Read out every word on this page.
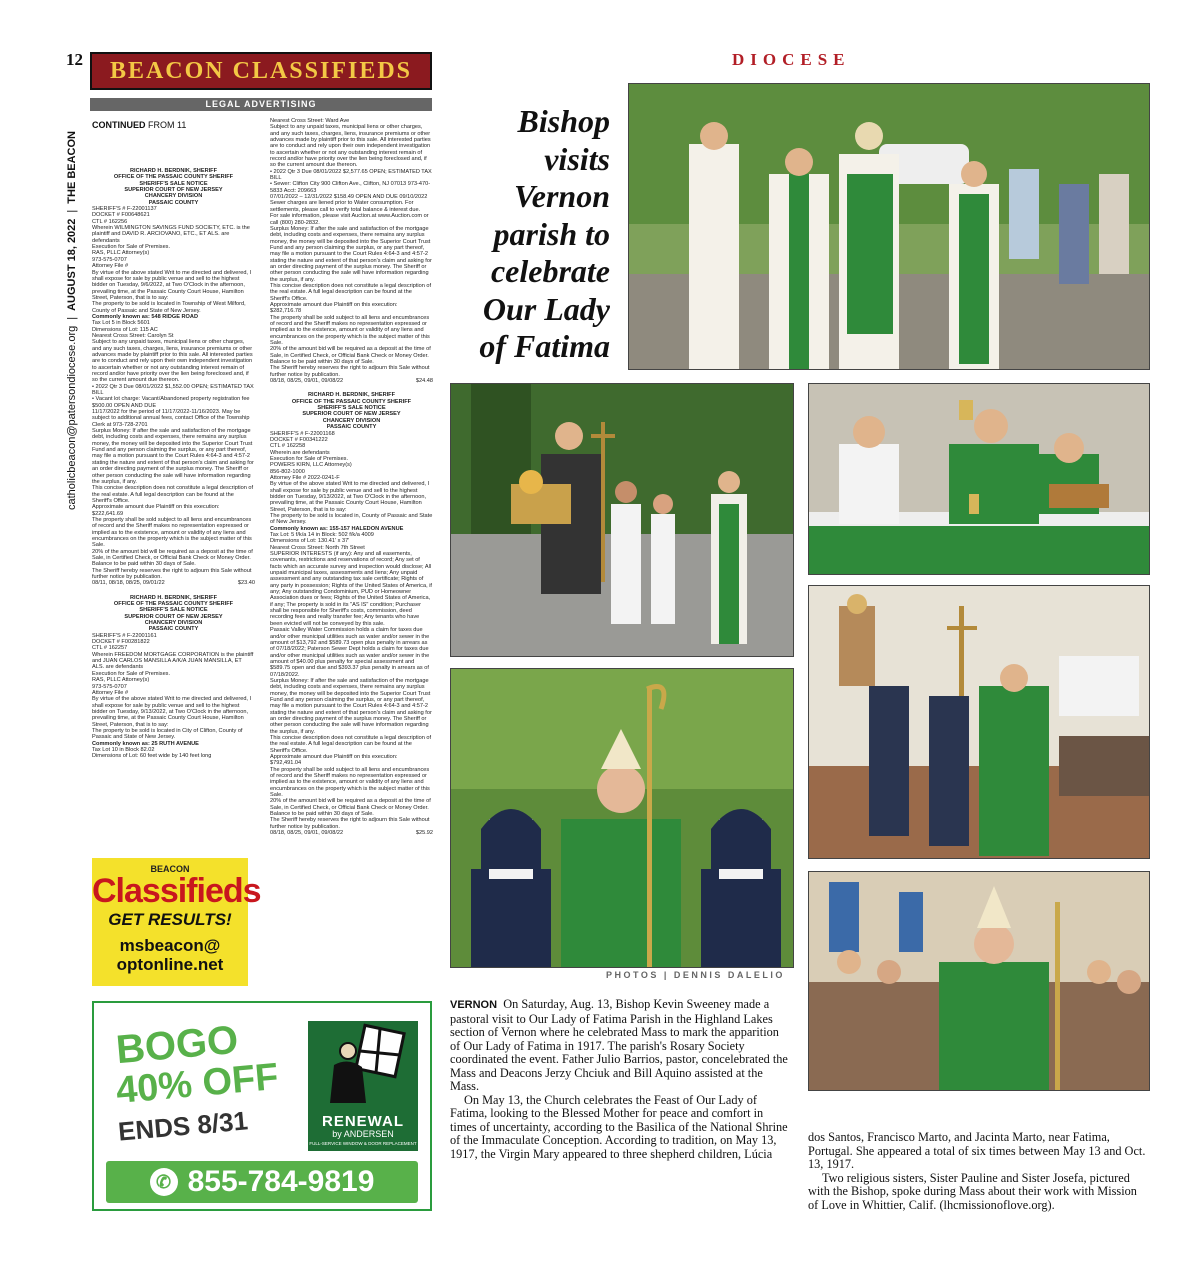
12
catholicbeacon@patersondiocese.org
|
AUGUST 18, 2022
|
THE BEACON
BEACON CLASSIFIEDS
LEGAL ADVERTISING
CONTINUED FROM 11

RICHARD H. BERDNIK, SHERIFF

OFFICE OF THE PASSAIC COUNTY SHERIFF

SHERIFF'S SALE NOTICE

SUPERIOR COURT OF NEW JERSEY

CHANCERY DIVISION

PASSAIC COUNTY

SHERIFF'S # F-22001137

DOCKET # F00648621

CTL # 162256

Wherein WILMINGTON SAVINGS FUND SOCIETY, ETC. is the plaintiff and DAVID R. ARCIOVANO, ETC., ET ALS. are defendants

Execution for Sale of Premises.

RAS, PLLC Attorney(s)

973-575-0707

Attorney File #

By virtue of the above stated Writ to me directed and delivered, I shall expose for sale by public venue and sell to the highest bidder on Tuesday, 9/6/2022, at Two O'Clock in the afternoon, prevailing time, at the Passaic County Court House, Hamilton Street, Paterson, that is to say:

The property to be sold is located in Township of West Milford, County of Passaic and State of New Jersey.

Commonly known as: 548 RIDGE ROAD

Tax Lot 5 in Block 5601

Dimensions of Lot: 115 AC

Nearest Cross Street: Carolyn St

Subject to any unpaid taxes, municipal liens or other charges, and any such taxes, charges, liens, insurance premiums or other advances made by plaintiff prior to this sale. All interested parties are to conduct and rely upon their own independent investigation to ascertain whether or not any outstanding interest remain of record and/or have priority over the lien being foreclosed and, if so the current amount due thereon.

• 2022 Qtr 3 Due 08/01/2022 $1,552.00 OPEN; ESTIMATED TAX BILL

• Vacant lot charge: Vacant/Abandoned property registration fee $500.00 OPEN AND DUE

11/17/2022 for the period of 11/17/2022-11/16/2023. May be subject to additional annual fees, contact Office of the Township Clerk at 973-728-2701

Surplus Money: If after the sale and satisfaction of the mortgage debt, including costs and expenses, there remains any surplus money, the money will be deposited into the Superior Court Trust Fund and any person claiming the surplus, or any part thereof, may file a motion pursuant to the Court Rules 4:64-3 and 4:57-2 stating the nature and extent of that person's claim and asking for an order directing payment of the surplus money. The Sheriff or other person conducting the sale will have information regarding the surplus, if any.

This concise description does not constitute a legal description of the real estate. A full legal description can be found at the Sheriff's Office.

Approximate amount due Plaintiff on this execution:

$222,641.69

The property shall be sold subject to all liens and encumbrances of record and the Sheriff makes no representation expressed or implied as to the existence, amount or validity of any liens and encumbrances on the property which is the subject matter of this Sale.

20% of the amount bid will be required as a deposit at the time of Sale, in Certified Check, or Official Bank Check or Money Order. Balance to be paid within 30 days of Sale.

The Sheriff hereby reserves the right to adjourn this Sale without further notice by publication.

08/11, 08/18, 08/25, 09/01/22	$23.40

RICHARD H. BERDNIK, SHERIFF

OFFICE OF THE PASSAIC COUNTY SHERIFF

SHERIFF'S SALE NOTICE

SUPERIOR COURT OF NEW JERSEY

CHANCERY DIVISION

PASSAIC COUNTY

SHERIFF'S # F-22001161

DOCKET # F00281822

CTL # 162257

Wherein FREEDOM MORTGAGE CORPORATION is the plaintiff and JUAN CARLOS MANSILLA A/K/A JUAN MANSILLA, ET ALS. are defendants

Execution for Sale of Premises.

RAS, PLLC Attorney(s)

973-575-0707

Attorney File #

By virtue of the above stated Writ to me directed and delivered, I shall expose for sale by public venue and sell to the highest bidder on Tuesday, 9/13/2022, at Two O'Clock in the afternoon, prevailing time, at the Passaic County Court House, Hamilton Street, Paterson, that is to say:

The property to be sold is located in City of Clifton, County of Passaic and State of New Jersey.

Commonly known as: 25 RUTH AVENUE

Tax Lot 10 in Block 82.02

Dimensions of Lot: 60 feet wide by 140 feet long

Nearest Cross Street: Ward Ave

Subject to any unpaid taxes, municipal liens or other charges, and any such taxes, charges, liens, insurance premiums or other advances made by plaintiff prior to this sale. All interested parties are to conduct and rely upon their own independent investigation to ascertain whether or not any outstanding interest remain of record and/or have priority over the lien being foreclosed and, if so the current amount due thereon.

• 2022 Qtr 3 Due 08/01/2022 $2,577.65 OPEN; ESTIMATED TAX BILL

• Sewer: Clifton City 900 Clifton Ave., Clifton, NJ 07013 973-470-5833 Acct: 209663

07/01/2022 – 12/31/2022 $158.49 OPEN AND DUE 09/10/2022

Sewer charges are liened prior to Water consumption. For settlements, please call to verify total balance & interest due.

For sale information, please visit Auction.at www.Auction.com or call (800) 280-2832.

Surplus Money: If after the sale and satisfaction of the mortgage debt, including costs and expenses, there remains any surplus money, the money will be deposited into the Superior Court Trust Fund and any person claiming the surplus, or any part thereof, may file a motion pursuant to the Court Rules 4:64-3 and 4:57-2 stating the nature and extent of that person's claim and asking for an order directing payment of the surplus money. The Sheriff or other person conducting the sale will have information regarding the surplus, if any.

This concise description does not constitute a legal description of the real estate. A full legal description can be found at the Sheriff's Office.

Approximate amount due Plaintiff on this execution:

$282,716.78

The property shall be sold subject to all liens and encumbrances of record and the Sheriff makes no representation expressed or implied as to the existence, amount or validity of any liens and encumbrances on the property which is the subject matter of this Sale.

20% of the amount bid will be required as a deposit at the time of Sale, in Certified Check, or Official Bank Check or Money Order. Balance to be paid within 30 days of Sale.

The Sheriff hereby reserves the right to adjourn this Sale without further notice by publication.

08/18, 08/25, 09/01, 09/08/22	$24.48

RICHARD H. BERDNIK, SHERIFF

OFFICE OF THE PASSAIC COUNTY SHERIFF

SHERIFF'S SALE NOTICE

SUPERIOR COURT OF NEW JERSEY

CHANCERY DIVISION

PASSAIC COUNTY

SHERIFF'S # F-22001168

DOCKET # F00341222

CTL # 162258

Wherein are defendants

Execution for Sale of Premises.

POWERS KIRN, LLC Attorney(s)

856-802-1000

Attorney File # 2022-0241-F

By virtue of the above stated Writ to me directed and delivered, I shall expose for sale by public venue and sell to the highest bidder on Tuesday, 9/13/2022, at Two O'Clock in the afternoon, prevailing time, at the Passaic County Court House, Hamilton Street, Paterson, that is to say:

The property to be sold is located in, County of Passaic and State of New Jersey.

Commonly known as: 155-157 HALEDON AVENUE

Tax Lot: 5 f/k/a 14 in Block: 502 f/k/a 4009

Dimensions of Lot: 130.41' x 37'

Nearest Cross Street: North 7th Street

SUPERIOR INTERESTS (if any): Any and all easements, covenants, restrictions and reservations of record; Any set of facts which an accurate survey and inspection would disclose; All unpaid municipal taxes, assessments and liens; Any unpaid assessment and any outstanding tax sale certificate; Rights of any party in possession; Rights of the United States of America, if any; Any outstanding Condominium, PUD or Homeowner Association dues or fees; Rights of the United States of America, if any; The property is sold in its "AS IS" condition; Purchaser shall be responsible for Sheriff's costs, commission, deed recording fees and realty transfer fee; Any tenants who have been evicted will not be conveyed by this sale.

Passaic Valley Water Commission holds a claim for taxes due and/or other municipal utilities such as water and/or sewer in the amount of $13,792 and $589.73 open plus penalty in arrears as of 07/18/2022; Paterson Sewer Dept holds a claim for taxes due and/or other municipal utilities such as water and/or sewer in the amount of $40.00 plus penalty for special assessment and $589.75 open and due and $393.37 plus penalty in arrears as of 07/18/2022.

Surplus Money: If after the sale and satisfaction of the mortgage debt, including costs and expenses, there remains any surplus money, the money will be deposited into the Superior Court Trust Fund and any person claiming the surplus, or any part thereof, may file a motion pursuant to the Court Rules 4:64-3 and 4:57-2 stating the nature and extent of that person's claim and asking for an order directing payment of the surplus money. The Sheriff or other person conducting the sale will have information regarding the surplus, if any.

This concise description does not constitute a legal description of the real estate. A full legal description can be found at the Sheriff's Office.

Approximate amount due Plaintiff on this execution:

$792,491.04

The property shall be sold subject to all liens and encumbrances of record and the Sheriff makes no representation expressed or implied as to the existence, amount or validity of any liens and encumbrances on the property which is the subject matter of this Sale.

20% of the amount bid will be required as a deposit at the time of Sale, in Certified Check, or Official Bank Check or Money Order. Balance to be paid within 30 days of Sale.

The Sheriff hereby reserves the right to adjourn this Sale without further notice by publication.

08/18, 08/25, 09/01, 09/08/22	$25.92
BEACON
Classifieds
GET RESULTS!
msbeacon@
optonline.net
BOGO
40% OFF
ENDS 8/31	RENEWAL
by ANDERSEN
FULL-SERVICE WINDOW & DOOR REPLACEMENT
✆ 855-784-9819
DIOCESE
Bishop
visits
Vernon
parish to
celebrate
Our Lady
of Fatima
PHOTOS | DENNIS DALELIO

VERNON On Saturday, Aug. 13, Bishop Kevin Sweeney made a pastoral visit to Our Lady of Fatima Parish in the Highland Lakes section of Vernon where he celebrated Mass to mark the apparition of Our Lady of Fatima in 1917. The parish's Rosary Society coordinated the event. Father Julio Barrios, pastor, concelebrated the Mass and Deacons Jerzy Chciuk and Bill Aquino assisted at the Mass.

On May 13, the Church celebrates the Feast of Our Lady of Fatima, looking to the Blessed Mother for peace and comfort in times of uncertainty, according to the Basilica of the National Shrine of the Immaculate Conception. According to tradition, on May 13, 1917, the Virgin Mary appeared to three shepherd children, Lúcia

dos Santos, Francisco Marto, and Jacinta Marto, near Fatima, Portugal. She appeared a total of six times between May 13 and Oct. 13, 1917.

Two religious sisters, Sister Pauline and Sister Josefa, pictured with the Bishop, spoke during Mass about their work with Mission of Love in Whittier, Calif. (lhcmissionoflove.org).
